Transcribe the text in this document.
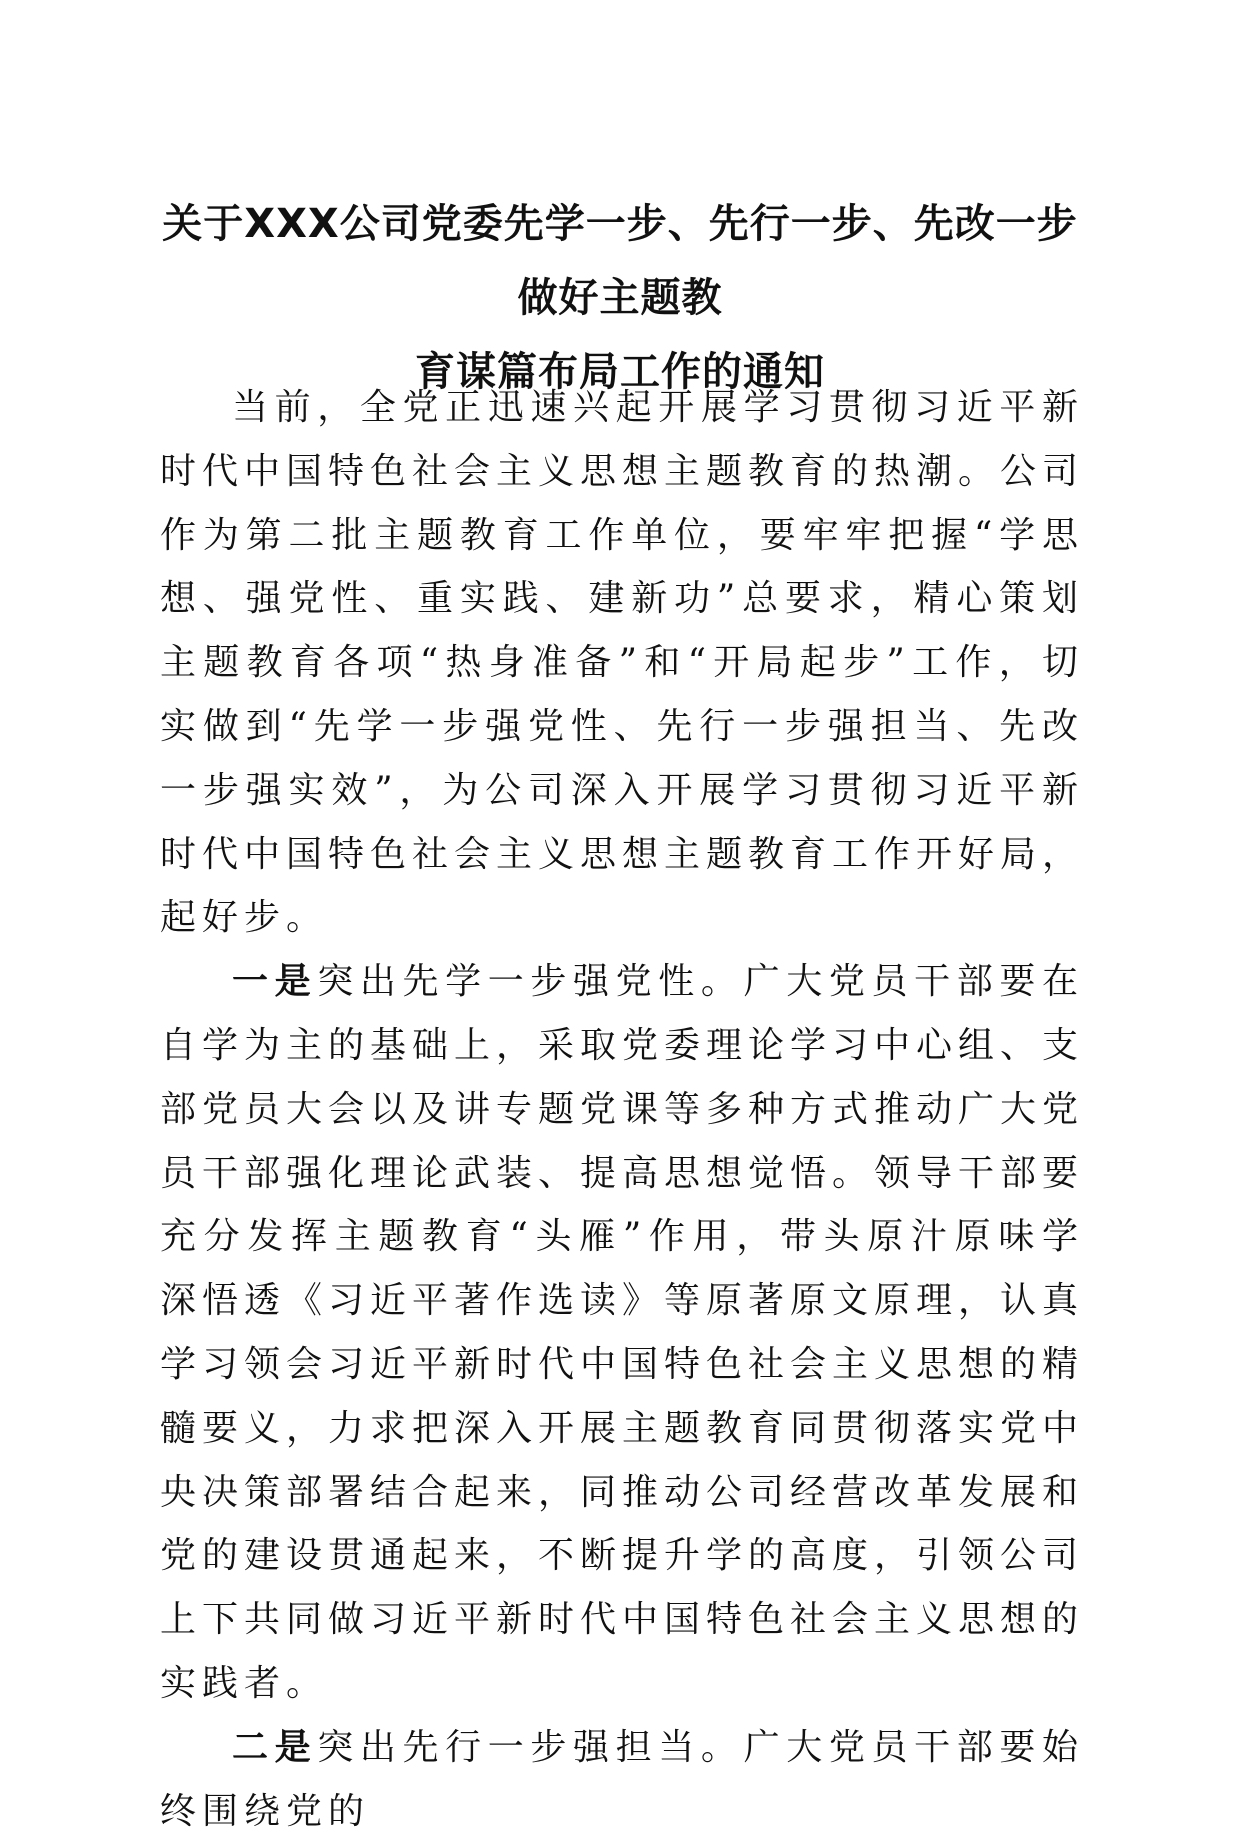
关于XXX公司党委先学一步、先行一步、先改一步做好主题教
育谋篇布局工作的通知

当前，全党正迅速兴起开展学习贯彻习近平新时代中国特色社会主义思想主题教育的热潮。公司作为第二批主题教育工作单位，要牢牢把握“学思想、强党性、重实践、建新功”总要求，精心策划主题教育各项“热身准备”和“开局起步”工作，切实做到“先学一步强党性、先行一步强担当、先改一步强实效”，为公司深入开展学习贯彻习近平新时代中国特色社会主义思想主题教育工作开好局，起好步。

一是突出先学一步强党性。广大党员干部要在自学为主的基础上，采取党委理论学习中心组、支部党员大会以及讲专题党课等多种方式推动广大党员干部强化理论武装、提高思想觉悟。领导干部要充分发挥主题教育“头雁”作用，带头原汁原味学深悟透《习近平著作选读》等原著原文原理，认真学习领会习近平新时代中国特色社会主义思想的精髓要义，力求把深入开展主题教育同贯彻落实党中央决策部署结合起来，同推动公司经营改革发展和党的建设贯通起来，不断提升学的高度，引领公司上下共同做习近平新时代中国特色社会主义思想的实践者。

二是突出先行一步强担当。广大党员干部要始终围绕党的
